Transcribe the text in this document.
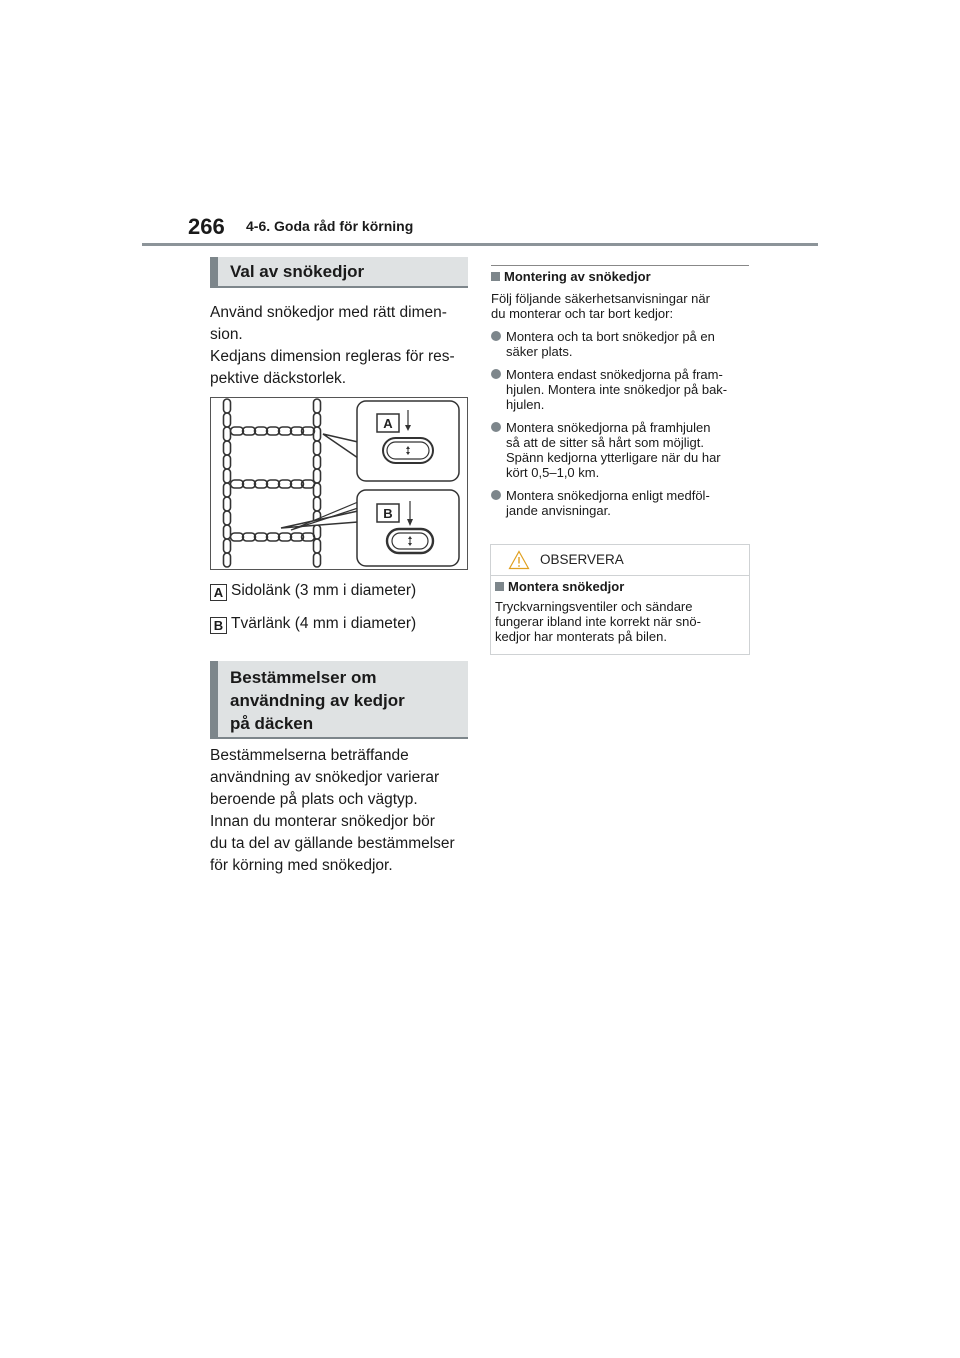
266 4-6. Goda råd för körning
Val av snökedjor
Använd snökedjor med rätt dimen-
sion.
Kedjans dimension regleras för res-
pektive däckstorlek.
A
B
A Sidolänk (3 mm i diameter)
B Tvärlänk (4 mm i diameter)
Bestämmelser om
användning av kedjor
på däcken
Bestämmelserna beträffande
användning av snökedjor varierar
beroende på plats och vägtyp.
Innan du monterar snökedjor bör
du ta del av gällande bestämmelser
för körning med snökedjor.
Montering av snökedjor
Följ följande säkerhetsanvisningar när
du monterar och tar bort kedjor:
Montera och ta bort snökedjor på en
säker plats.
Montera endast snökedjorna på fram-
hjulen. Montera inte snökedjor på bak-
hjulen.
Montera snökedjorna på framhjulen
så att de sitter så hårt som möjligt.
Spänn kedjorna ytterligare när du har
kört 0,5–1,0 km.
Montera snökedjorna enligt medföl-
jande anvisningar.
OBSERVERA
Montera snökedjor
Tryckvarningsventiler och sändare
fungerar ibland inte korrekt när snö-
kedjor har monterats på bilen.
